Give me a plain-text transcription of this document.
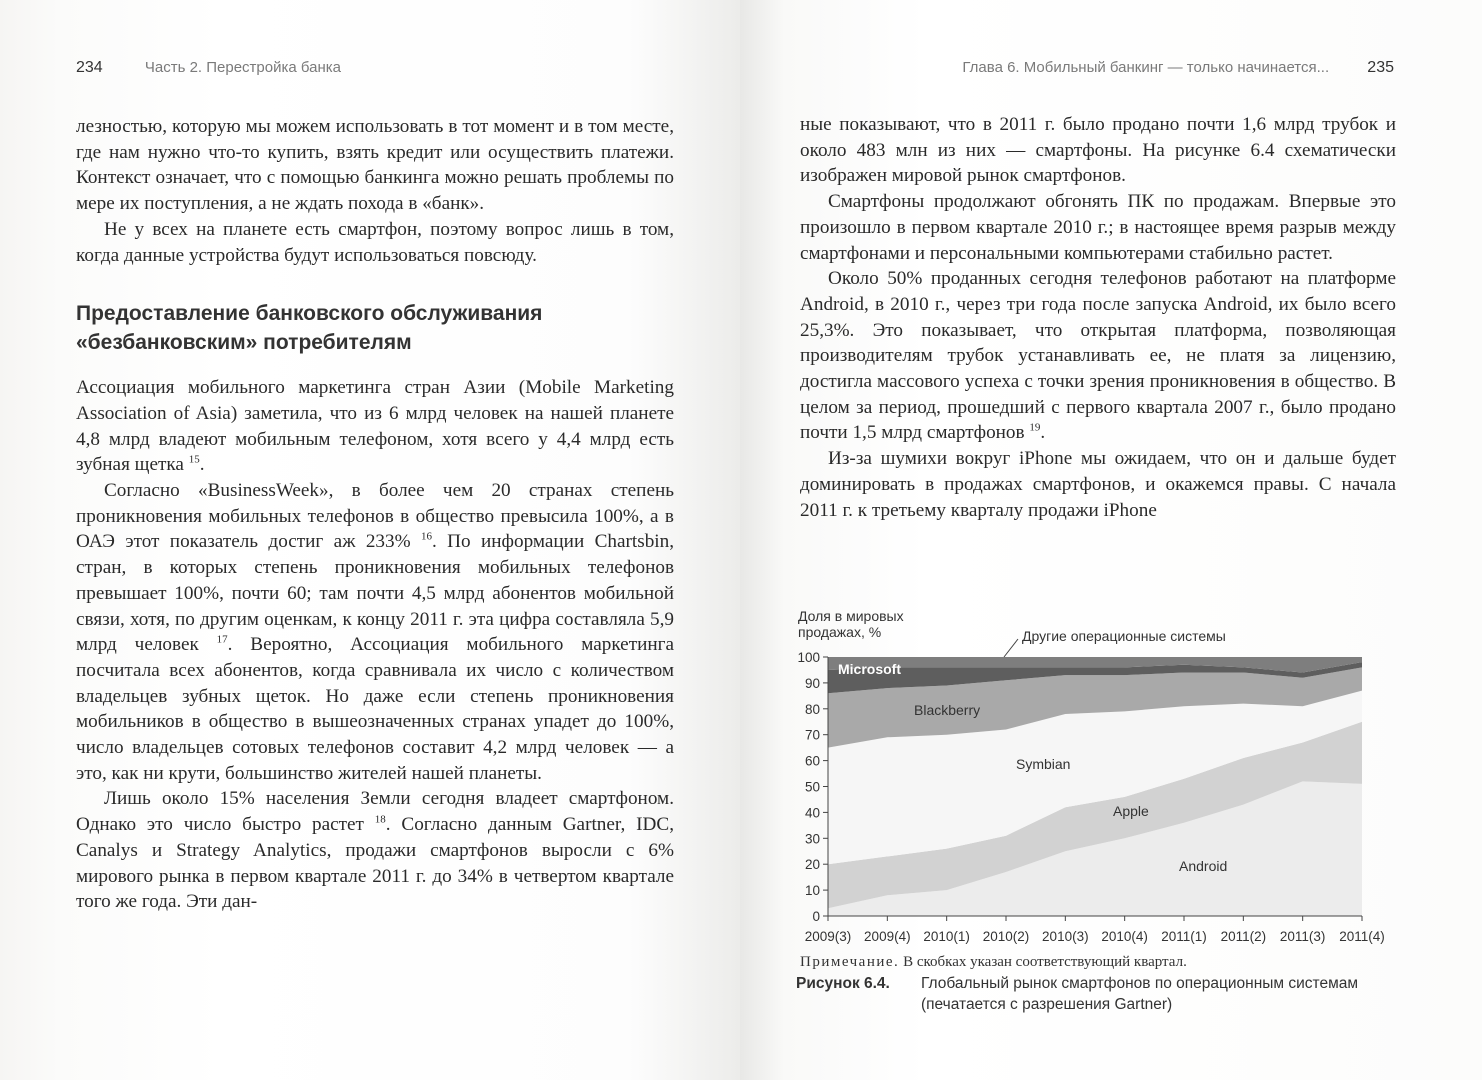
234	Часть 2. Перестройка банка

лезностью, которую мы можем использовать в тот момент и в том месте, где нам нужно что-то купить, взять кредит или осуществить платежи. Контекст означает, что с помощью банкинга можно решать проблемы по мере их поступления, а не ждать похода в «банк».

Не у всех на планете есть смартфон, поэтому вопрос лишь в том, когда данные устройства будут использоваться повсюду.

Предоставление банковского обслуживания «безбанковским» потребителям

Ассоциация мобильного маркетинга стран Азии (Mobile Marketing Association of Asia) заметила, что из 6 млрд человек на нашей планете 4,8 млрд владеют мобильным телефоном, хотя всего у 4,4 млрд есть зубная щетка $^{15}$.

Согласно «BusinessWeek», в более чем 20 странах степень проникновения мобильных телефонов в общество превысила 100%, а в ОАЭ этот показатель достиг аж 233% $^{16}$. По информации Chartsbin, стран, в которых степень проникновения мобильных телефонов превышает 100%, почти 60; там почти 4,5 млрд абонентов мобильной связи, хотя, по другим оценкам, к концу 2011 г. эта цифра составляла 5,9 млрд человек $^{17}$. Вероятно, Ассоциация мобильного маркетинга посчитала всех абонентов, когда сравнивала их число с количеством владельцев зубных щеток. Но даже если степень проникновения мобильников в общество в вышеозначенных странах упадет до 100%, число владельцев сотовых телефонов составит 4,2 млрд человек — а это, как ни крути, большинство жителей нашей планеты.

Лишь около 15% населения Земли сегодня владеет смартфоном. Однако это число быстро растет $^{18}$. Согласно данным Gartner, IDC, Canalys и Strategy Analytics, продажи смартфонов выросли с 6% мирового рынка в первом квартале 2011 г. до 34% в четвертом квартале того же года. Эти дан-

Глава 6. Мобильный банкинг — только начинается... 235

ные показывают, что в 2011 г. было продано почти 1,6 млрд трубок и около 483 млн из них — смартфоны. На рисунке 6.4 схематически изображен мировой рынок смартфонов.

Смартфоны продолжают обгонять ПК по продажам. Впервые это произошло в первом квартале 2010 г.; в настоящее время разрыв между смартфонами и персональными компьютерами стабильно растет.

Около 50% проданных сегодня телефонов работают на платформе Android, в 2010 г., через три года после запуска Android, их было всего 25,3%. Это показывает, что открытая платформа, позволяющая производителям трубок устанавливать ее, не платя за лицензию, достигла массового успеха с точки зрения проникновения в общество. В целом за период, прошедший с первого квартала 2007 г., было продано почти 1,5 млрд смартфонов $^{19}$.

Из-за шумихи вокруг iPhone мы ожидаем, что он и дальше будет доминировать в продажах смартфонов, и окажемся правы. С начала 2011 г. к третьему кварталу продажи iPhone

Доля в мировых
продажах, %
0
10
20
30
40
50
60
70
80
90
100
2009(3) 2009(4) 2010(1) 2010(2) 2010(3) 2010(4) 2011(1) 2011(2) 2011(3) 2011(4)
Другие операционные системы
Microsoft
Blackberry
Symbian
Apple
Android
Примечание. В скобках указан соответствующий квартал.
Рисунок 6.4. Глобальный рынок смартфонов по операционным системам (печатается с разрешения Gartner)
